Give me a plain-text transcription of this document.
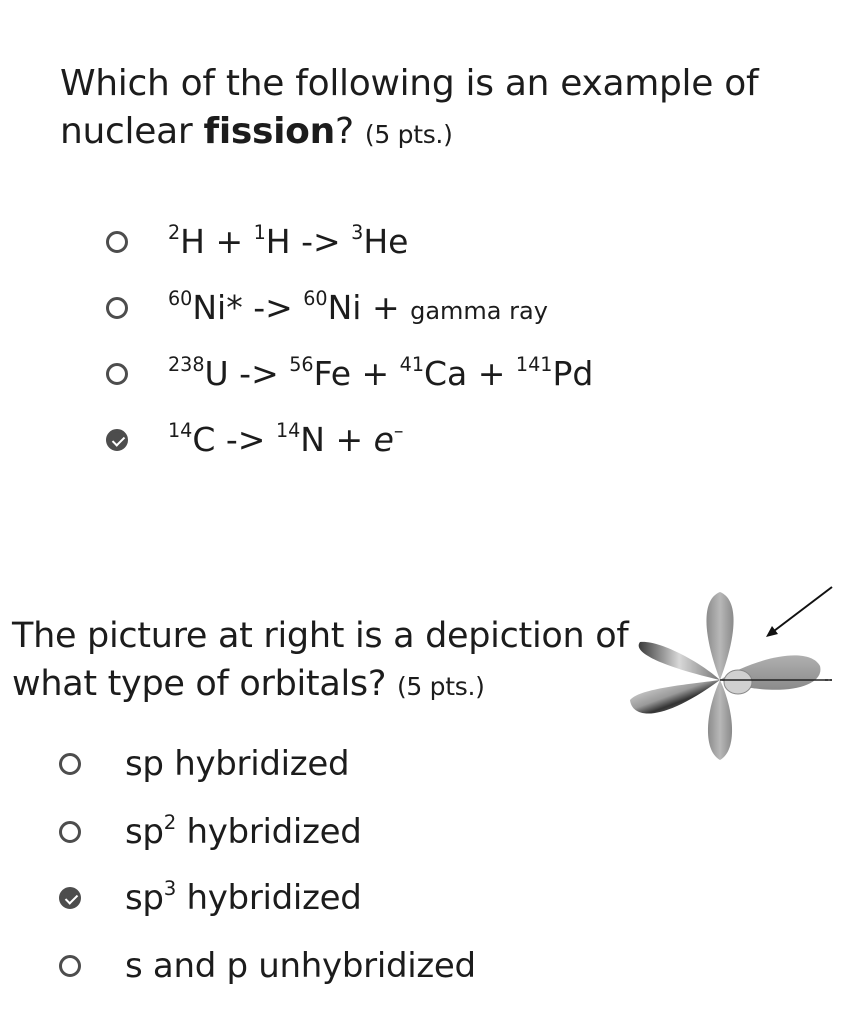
Which of the following is an example of nuclear fission? (5 pts.)
$^2$H + $^1$H -> $^3$He
$^{60}$Ni* -> $^{60}$Ni + gamma ray
$^{238}$U -> $^{56}$Fe + $^{41}$Ca + $^{141}$Pd
$^{14}$C -> $^{14}$N + e–
The picture at right is a depiction of what type of orbitals? (5 pts.)
sp hybridized
$sp^2$ hybridized
$sp^3$ hybridized
s and p unhybridized
